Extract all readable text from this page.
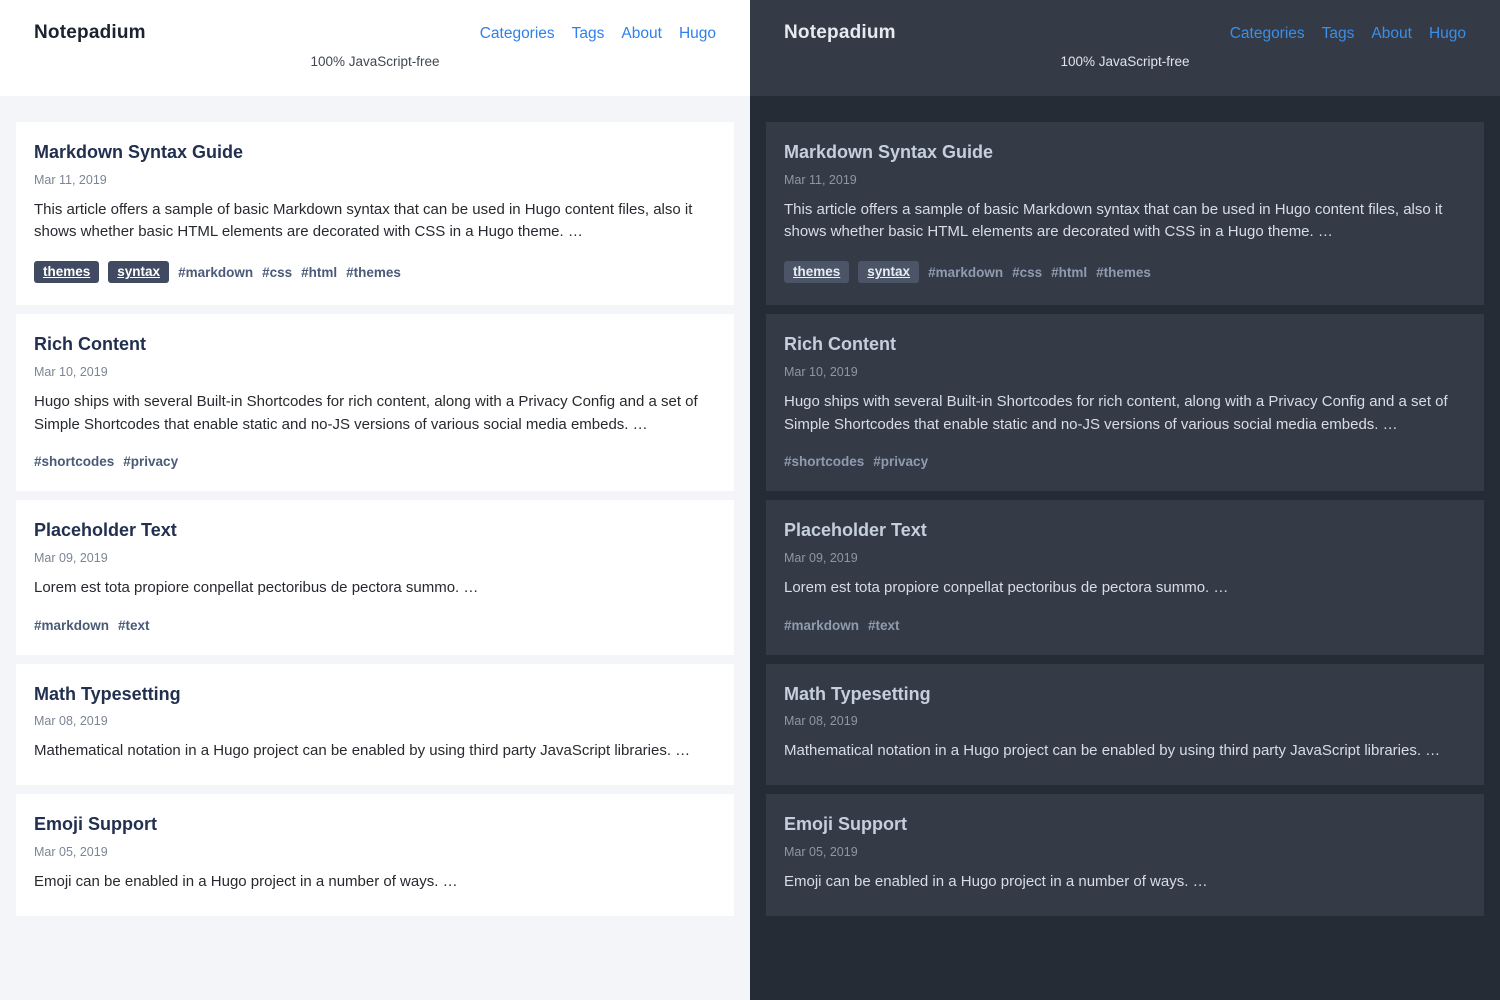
Notepadium	Categories Tags About Hugo
100% JavaScript-free
Markdown Syntax Guide
Mar 11, 2019

This article offers a sample of basic Markdown syntax that can be used in Hugo content files, also it shows whether basic HTML elements are decorated with CSS in a Hugo theme. …

themes	syntax	#markdown #css #html #themes
Rich Content
Mar 10, 2019

Hugo ships with several Built-in Shortcodes for rich content, along with a Privacy Config and a set of Simple Shortcodes that enable static and no-JS versions of various social media embeds. …

#shortcodes #privacy
Placeholder Text
Mar 09, 2019

Lorem est tota propiore conpellat pectoribus de pectora summo. …

#markdown #text
Math Typesetting
Mar 08, 2019

Mathematical notation in a Hugo project can be enabled by using third party JavaScript libraries. …

Emoji Support
Mar 05, 2019

Emoji can be enabled in a Hugo project in a number of ways. …

Notepadium	Categories Tags About Hugo
100% JavaScript-free
Markdown Syntax Guide
Mar 11, 2019

This article offers a sample of basic Markdown syntax that can be used in Hugo content files, also it shows whether basic HTML elements are decorated with CSS in a Hugo theme. …

themes	syntax	#markdown #css #html #themes
Rich Content
Mar 10, 2019

Hugo ships with several Built-in Shortcodes for rich content, along with a Privacy Config and a set of Simple Shortcodes that enable static and no-JS versions of various social media embeds. …

#shortcodes #privacy
Placeholder Text
Mar 09, 2019

Lorem est tota propiore conpellat pectoribus de pectora summo. …

#markdown #text
Math Typesetting
Mar 08, 2019

Mathematical notation in a Hugo project can be enabled by using third party JavaScript libraries. …

Emoji Support
Mar 05, 2019

Emoji can be enabled in a Hugo project in a number of ways. …
